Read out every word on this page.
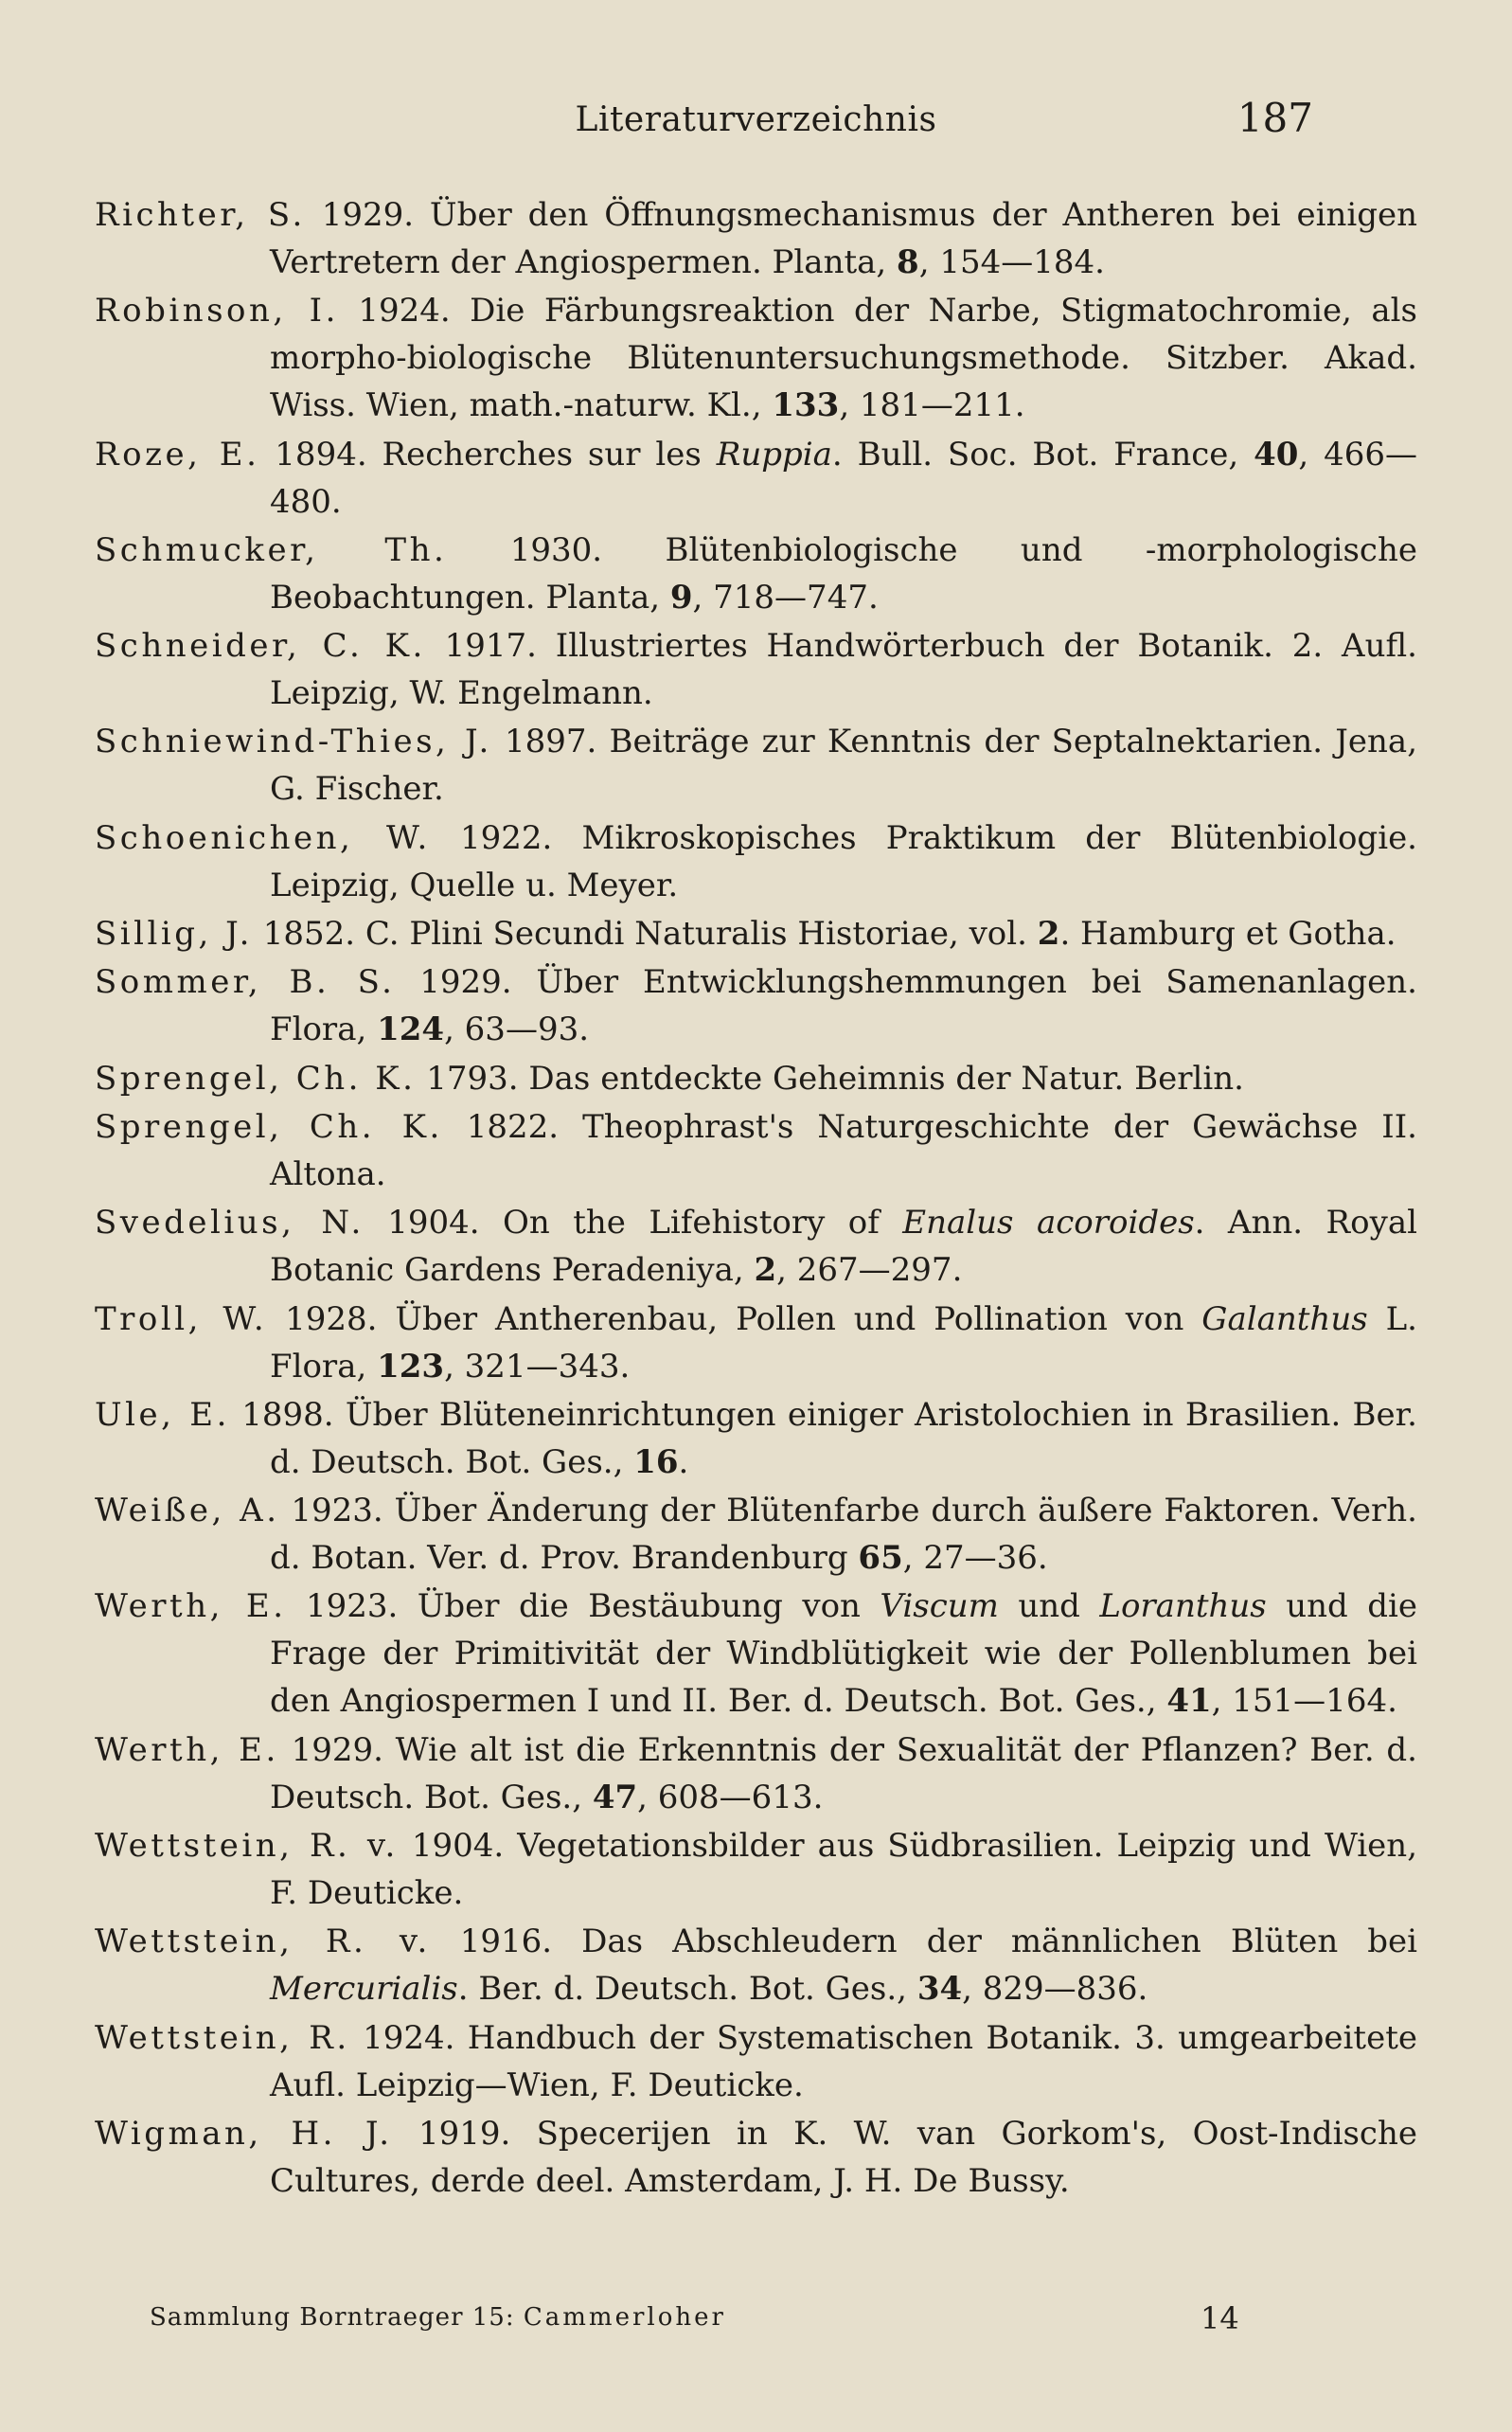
Literaturverzeichnis	187
Richter, S. 1929. Über den Öffnungsmechanismus der Antheren bei einigen Vertretern der Angiospermen. Planta, 8, 154—184.
Robinson, I. 1924. Die Färbungsreaktion der Narbe, Stigmatochromie, als morpho-biologische Blütenuntersuchungsmethode. Sitzber. Akad. Wiss. Wien, math.-naturw. Kl., 133, 181—211.
Roze, E. 1894. Recherches sur les Ruppia. Bull. Soc. Bot. France, 40, 466—480.
Schmucker, Th. 1930. Blütenbiologische und -morphologische Beobachtungen. Planta, 9, 718—747.
Schneider, C. K. 1917. Illustriertes Handwörterbuch der Botanik. 2. Aufl. Leipzig, W. Engelmann.
Schniewind-Thies, J. 1897. Beiträge zur Kenntnis der Septalnektarien. Jena, G. Fischer.
Schoenichen, W. 1922. Mikroskopisches Praktikum der Blütenbiologie. Leipzig, Quelle u. Meyer.
Sillig, J. 1852. C. Plini Secundi Naturalis Historiae, vol. 2. Hamburg et Gotha.
Sommer, B. S. 1929. Über Entwicklungshemmungen bei Samenanlagen. Flora, 124, 63—93.
Sprengel, Ch. K. 1793. Das entdeckte Geheimnis der Natur. Berlin.
Sprengel, Ch. K. 1822. Theophrast's Naturgeschichte der Gewächse II. Altona.
Svedelius, N. 1904. On the Lifehistory of Enalus acoroides. Ann. Royal Botanic Gardens Peradeniya, 2, 267—297.
Troll, W. 1928. Über Antherenbau, Pollen und Pollination von Galanthus L. Flora, 123, 321—343.
Ule, E. 1898. Über Blüteneinrichtungen einiger Aristolochien in Brasilien. Ber. d. Deutsch. Bot. Ges., 16.
Weiße, A. 1923. Über Änderung der Blütenfarbe durch äußere Faktoren. Verh. d. Botan. Ver. d. Prov. Brandenburg 65, 27—36.
Werth, E. 1923. Über die Bestäubung von Viscum und Loranthus und die Frage der Primitivität der Windblütigkeit wie der Pollenblumen bei den Angiospermen I und II. Ber. d. Deutsch. Bot. Ges., 41, 151—164.
Werth, E. 1929. Wie alt ist die Erkenntnis der Sexualität der Pflanzen? Ber. d. Deutsch. Bot. Ges., 47, 608—613.
Wettstein, R. v. 1904. Vegetationsbilder aus Südbrasilien. Leipzig und Wien, F. Deuticke.
Wettstein, R. v. 1916. Das Abschleudern der männlichen Blüten bei Mercurialis. Ber. d. Deutsch. Bot. Ges., 34, 829—836.
Wettstein, R. 1924. Handbuch der Systematischen Botanik. 3. umgearbeitete Aufl. Leipzig—Wien, F. Deuticke.
Wigman, H. J. 1919. Specerijen in K. W. van Gorkom's, Oost-Indische Cultures, derde deel. Amsterdam, J. H. De Bussy.
Sammlung Borntraeger 15: Cammerloher	14
